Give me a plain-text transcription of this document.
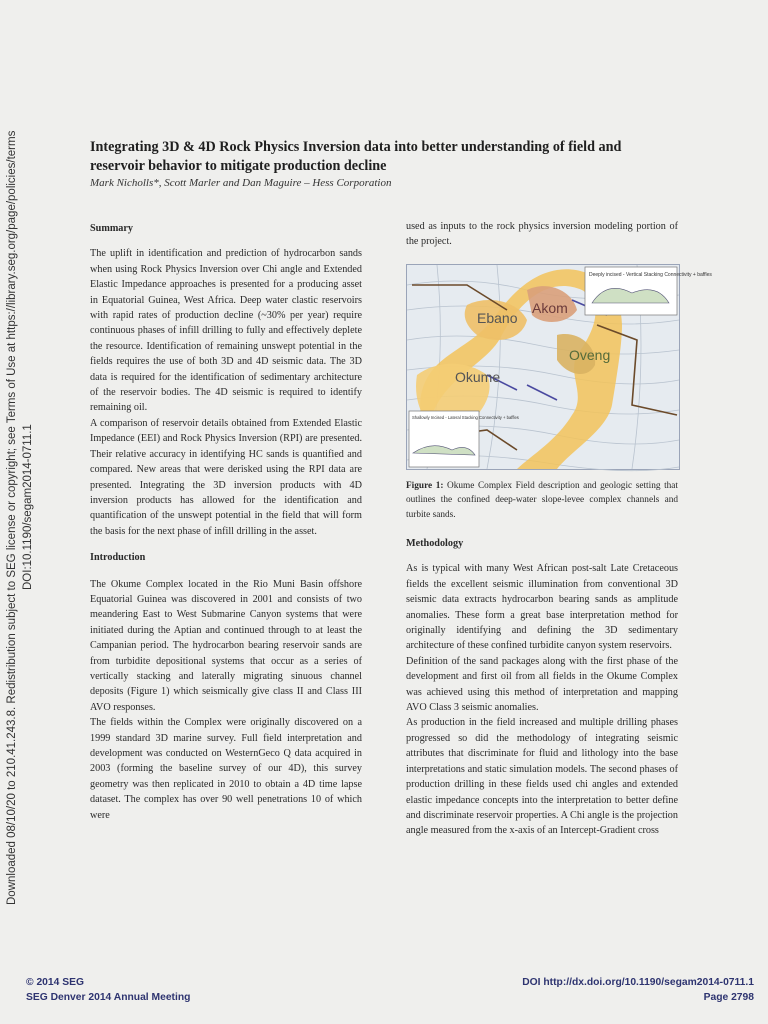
Downloaded 08/10/20 to 210.41.243.8. Redistribution subject to SEG license or copyright; see Terms of Use at https://library.seg.org/page/policies/terms DOI:10.1190/segam2014-0711.1
Integrating 3D & 4D Rock Physics Inversion data into better understanding of field and reservoir behavior to mitigate production decline
Mark Nicholls*, Scott Marler and Dan Maguire – Hess Corporation
Summary

The uplift in identification and prediction of hydrocarbon sands when using Rock Physics Inversion over Chi angle and Extended Elastic Impedance approaches is presented for a producing asset in Equatorial Guinea, West Africa. Deep water clastic reservoirs with rapid rates of production decline (~30% per year) require continuous phases of infill drilling to fully and effectively deplete the resource. Identification of remaining unswept potential in the fields requires the use of both 3D and 4D seismic data. The 3D data is required for the identification of sedimentary architecture of the reservoir bodies. The 4D seismic is required to identify remaining oil.

A comparison of reservoir details obtained from Extended Elastic Impedance (EEI) and Rock Physics Inversion (RPI) are presented. Their relative accuracy in identifying HC sands is quantified and compared. New areas that were derisked using the RPI data are presented. Integrating the 3D inversion products with 4D inversion products has allowed for the identification and quantification of the unswept potential in the field that will form the basis for the next phase of infill drilling in the asset.

Introduction

The Okume Complex located in the Rio Muni Basin offshore Equatorial Guinea was discovered in 2001 and consists of two meandering East to West Submarine Canyon systems that were initiated during the Aptian and continued through to at least the Campanian period. The hydrocarbon bearing reservoir sands are from turbidite depositional systems that occur as a series of vertically stacking and laterally migrating sinuous channel deposits (Figure 1) which seismically give class II and Class III AVO responses.

The fields within the Complex were originally discovered on a 1999 standard 3D marine survey. Full field interpretation and development was conducted on WesternGeco Q data acquired in 2003 (forming the baseline survey of our 4D), this survey geometry was then replicated in 2010 to obtain a 4D time lapse dataset. The complex has over 90 well penetrations 10 of which were

used as inputs to the rock physics inversion modeling portion of the project.

Deeply incised - Vertical Stacking Connectivity + baffles
Shallowly Incised - Lateral Stacking Connectivity + baffles
Ebano
Akom
Oveng
Okume
Figure 1: Okume Complex Field description and geologic setting that outlines the confined deep-water slope-levee complex channels and turbite sands.
Methodology

As is typical with many West African post-salt Late Cretaceous fields the excellent seismic illumination from conventional 3D seismic data extracts hydrocarbon bearing sands as amplitude anomalies. These form a great base interpretation method for originally identifying and defining the 3D sedimentary architecture of these confined turbidite canyon system reservoirs.

Definition of the sand packages along with the first phase of the development and first oil from all fields in the Okume Complex was achieved using this method of interpretation and mapping AVO Class 3 seismic anomalies.

As production in the field increased and multiple drilling phases progressed so did the methodology of integrating seismic attributes that discriminate for fluid and lithology into the base interpretations and static simulation models. The second phases of production drilling in these fields used chi angles and extended elastic impedance concepts into the interpretation to better define and discriminate reservoir properties. A Chi angle is the projection angle measured from the x-axis of an Intercept-Gradient cross

© 2014 SEG
SEG Denver 2014 Annual Meeting
DOI http://dx.doi.org/10.1190/segam2014-0711.1
Page 2798
